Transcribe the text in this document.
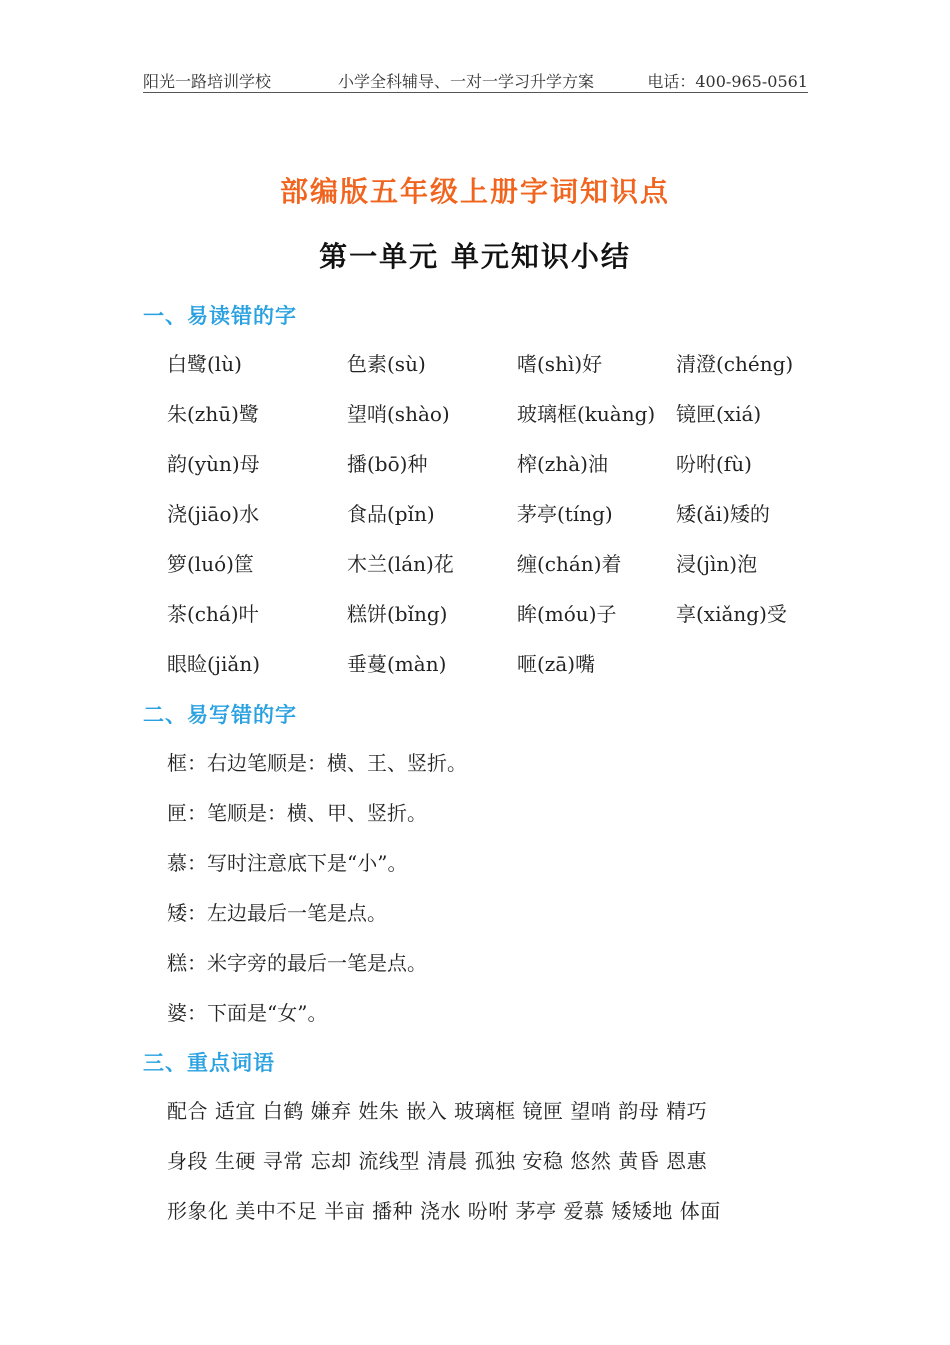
阳光一路培训学校	小学全科辅导、一对一学习升学方案	电话：400-965-0561
部编版五年级上册字词知识点
第一单元 单元知识小结
一、易读错的字
白鹭(lù)	色素(sù)	嗜(shì)好	清澄(chéng)
朱(zhū)鹭	望哨(shào)	玻璃框(kuàng)	镜匣(xiá)
韵(yùn)母	播(bō)种	榨(zhà)油	吩咐(fù)
浇(jiāo)水	食品(pǐn)	茅亭(tíng)	矮(ǎi)矮的
箩(luó)筐	木兰(lán)花	缠(chán)着	浸(jìn)泡
茶(chá)叶	糕饼(bǐng)	眸(móu)子	享(xiǎng)受
眼睑(jiǎn)	垂蔓(màn)	咂(zā)嘴
二、易写错的字
框：右边笔顺是：横、王、竖折。
匣：笔顺是：横、甲、竖折。
慕：写时注意底下是“小”。
矮：左边最后一笔是点。
糕：米字旁的最后一笔是点。
婆：下面是“女”。
三、重点词语
配合 适宜 白鹤 嫌弃 姓朱 嵌入 玻璃框 镜匣 望哨 韵母 精巧
身段 生硬 寻常 忘却 流线型 清晨 孤独 安稳 悠然 黄昏 恩惠
形象化 美中不足 半亩 播种 浇水 吩咐 茅亭 爱慕 矮矮地 体面
